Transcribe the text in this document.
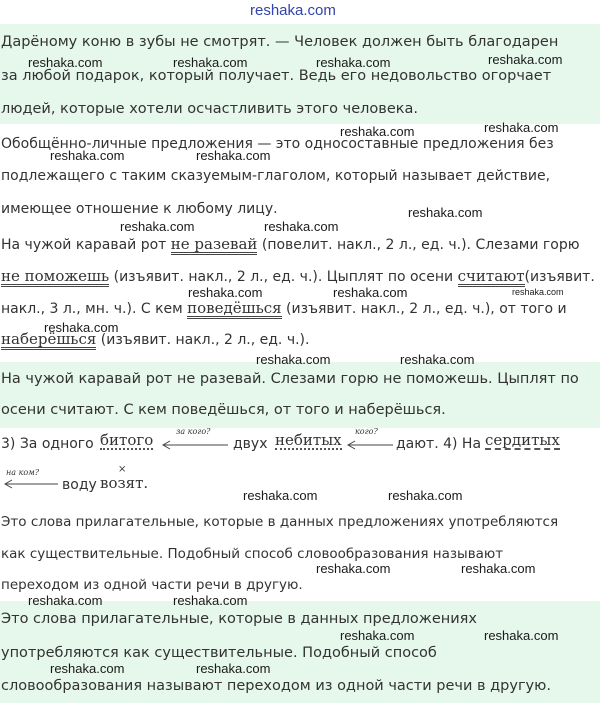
reshaka.com
Дарёному коню в зубы не смотрят. — Человек должен быть благодарен
за любой подарок, который получает. Ведь его недовольство огорчает
людей, которые хотели осчастливить этого человека.
Обобщённо-личные предложения — это односоставные предложения без
подлежащего с таким сказуемым-глаголом, который называет действие,
имеющее отношение к любому лицу.
На чужой каравай рот не разевай (повелит. накл., 2 л., ед. ч.). Слезами горю
не поможешь (изъявит. накл., 2 л., ед. ч.). Цыплят по осени считают(изъявит.
накл., 3 л., мн. ч.). С кем поведёшься (изъявит. накл., 2 л., ед. ч.), от того и
наберёшься (изъявит. накл., 2 л., ед. ч.).
На чужой каравай рот не разевай. Слезами горю не поможешь. Цыплят по
осени считают. С кем поведёшься, от того и наберёшься.
3) За одного битого	за кого?
двух небитых кого?
дают. 4) На сердитых
на ком?
воду
×
возят.
Это слова прилагательные, которые в данных предложениях употребляются
как существительные. Подобный способ словообразования называют
переходом из одной части речи в другую.
Это слова прилагательные, которые в данных предложениях
употребляются как существительные. Подобный способ
словообразования называют переходом из одной части речи в другую.
reshaka.com
reshaka.com	reshaka.com	reshaka.com
reshaka.com
reshaka.com
reshaka.com	reshaka.com
reshaka.com
reshaka.com	reshaka.com
reshaka.com	reshaka.com	reshaka.com
reshaka.com
reshaka.com	reshaka.com
reshaka.com	reshaka.com
reshaka.com	reshaka.com
reshaka.com	reshaka.com
reshaka.com	reshaka.com
reshaka.com	reshaka.com
